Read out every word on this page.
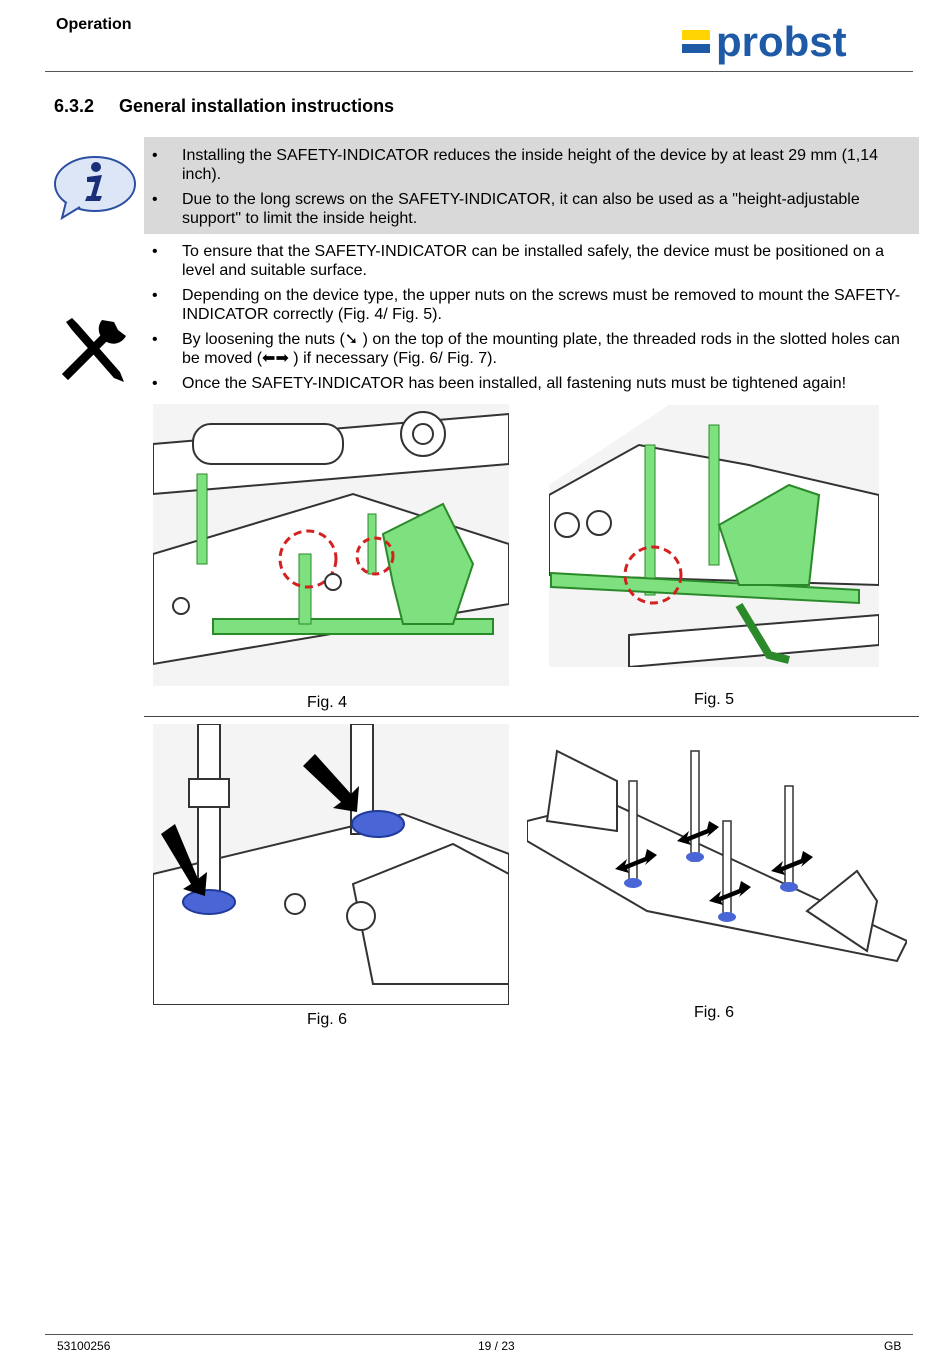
Operation	probst
6.3.2 General installation instructions
• Installing the SAFETY-INDICATOR reduces the inside height of the device by at least 29 mm (1,14 inch).
• Due to the long screws on the SAFETY-INDICATOR, it can also be used as a "height-adjustable support" to limit the inside height.
• To ensure that the SAFETY-INDICATOR can be installed safely, the device must be positioned on a level and suitable surface.
• Depending on the device type, the upper nuts on the screws must be removed to mount the SAFETY-INDICATOR correctly (Fig. 4/ Fig. 5).
• By loosening the nuts (➘ ) on the top of the mounting plate, the threaded rods in the slotted holes can be moved (⬅➡ ) if necessary (Fig. 6/ Fig. 7).
• Once the SAFETY-INDICATOR has been installed, all fastening nuts must be tightened again!
Fig. 4	Fig. 5
Fig. 6	Fig. 6
53100256	19 / 23	GB
